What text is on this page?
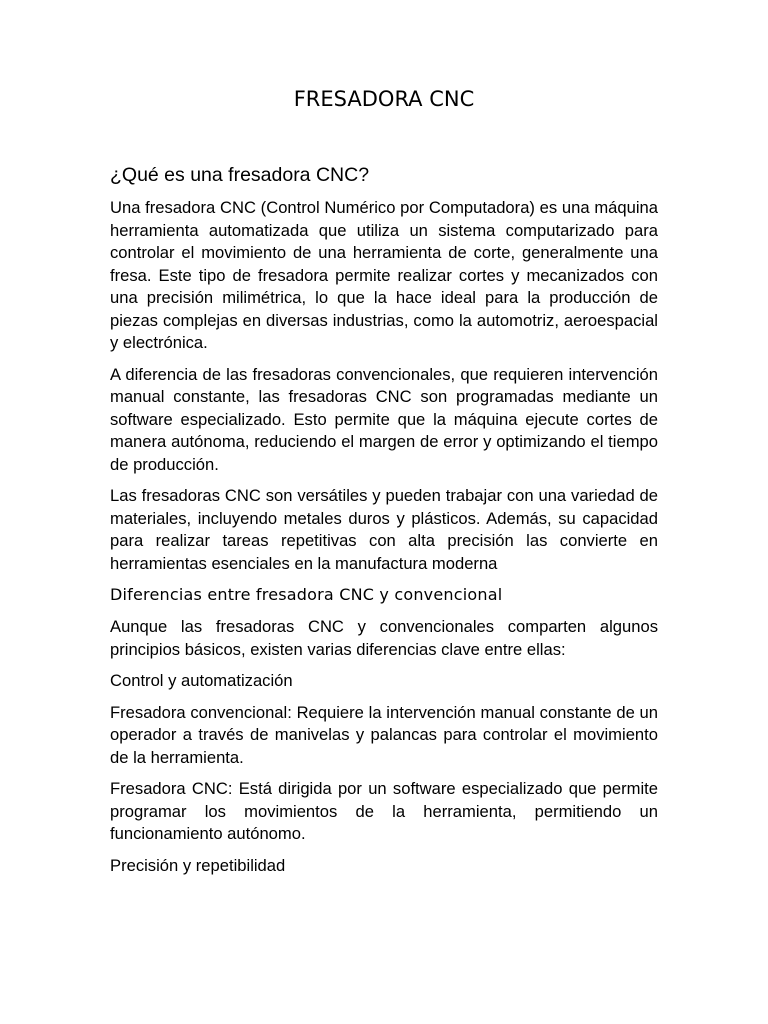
FRESADORA CNC
¿Qué es una fresadora CNC?

Una fresadora CNC (Control Numérico por Computadora) es una máquina herramienta automatizada que utiliza un sistema computarizado para controlar el movimiento de una herramienta de corte, generalmente una fresa. Este tipo de fresadora permite realizar cortes y mecanizados con una precisión milimétrica, lo que la hace ideal para la producción de piezas complejas en diversas industrias, como la automotriz, aeroespacial y electrónica.

A diferencia de las fresadoras convencionales, que requieren intervención manual constante, las fresadoras CNC son programadas mediante un software especializado. Esto permite que la máquina ejecute cortes de manera autónoma, reduciendo el margen de error y optimizando el tiempo de producción.

Las fresadoras CNC son versátiles y pueden trabajar con una variedad de materiales, incluyendo metales duros y plásticos. Además, su capacidad para realizar tareas repetitivas con alta precisión las convierte en herramientas esenciales en la manufactura moderna

Diferencias entre fresadora CNC y convencional

Aunque las fresadoras CNC y convencionales comparten algunos principios básicos, existen varias diferencias clave entre ellas:

Control y automatización

Fresadora convencional: Requiere la intervención manual constante de un operador a través de manivelas y palancas para controlar el movimiento de la herramienta.

Fresadora CNC: Está dirigida por un software especializado que permite programar los movimientos de la herramienta, permitiendo un funcionamiento autónomo.

Precisión y repetibilidad
